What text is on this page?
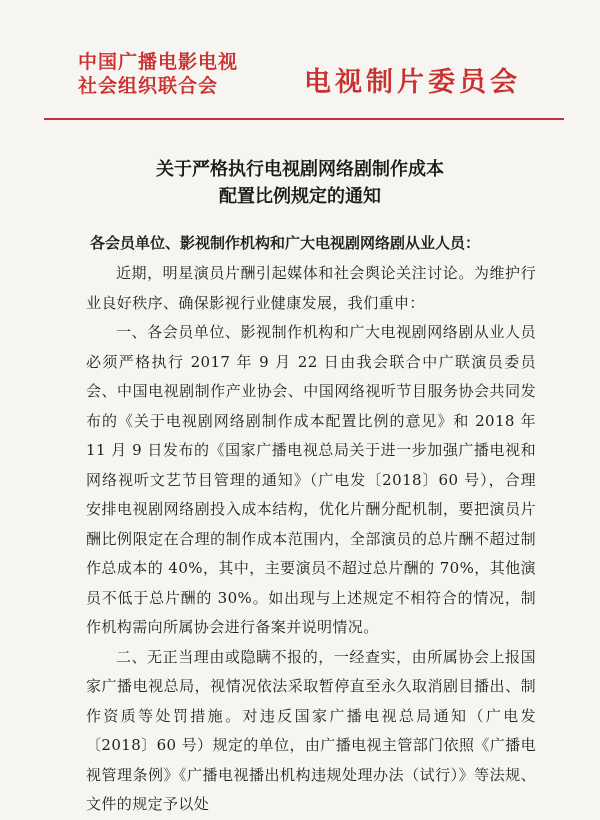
中国广播电影电视
社会组织联合会	电视制片委员会
关于严格执行电视剧网络剧制作成本
配置比例规定的通知
各会员单位、影视制作机构和广大电视剧网络剧从业人员：

近期，明星演员片酬引起媒体和社会舆论关注讨论。为维护行业良好秩序、确保影视行业健康发展，我们重申：

一、各会员单位、影视制作机构和广大电视剧网络剧从业人员必须严格执行 2017 年 9 月 22 日由我会联合中广联演员委员会、中国电视剧制作产业协会、中国网络视听节目服务协会共同发布的《关于电视剧网络剧制作成本配置比例的意见》和 2018 年 11 月 9 日发布的《国家广播电视总局关于进一步加强广播电视和网络视听文艺节目管理的通知》（广电发〔2018〕60 号），合理安排电视剧网络剧投入成本结构，优化片酬分配机制，要把演员片酬比例限定在合理的制作成本范围内，全部演员的总片酬不超过制作总成本的 40%，其中，主要演员不超过总片酬的 70%，其他演员不低于总片酬的 30%。如出现与上述规定不相符合的情况，制作机构需向所属协会进行备案并说明情况。

二、无正当理由或隐瞒不报的，一经查实，由所属协会上报国家广播电视总局，视情况依法采取暂停直至永久取消剧目播出、制作资质等处罚措施。对违反国家广播电视总局通知（广电发〔2018〕60 号）规定的单位，由广播电视主管部门依照《广播电视管理条例》《广播电视播出机构违规处理办法（试行）》等法规、文件的规定予以处
